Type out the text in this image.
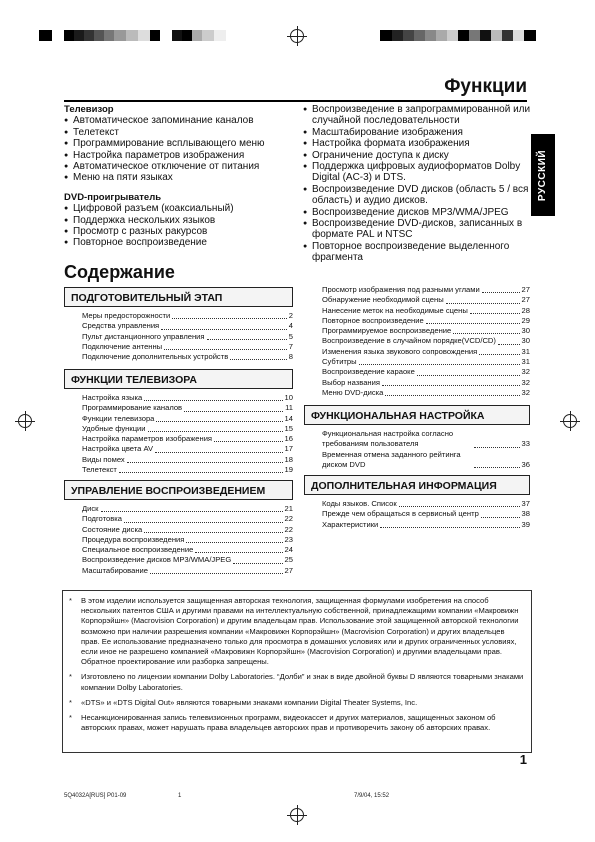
Функции
Телевизор
● Автоматическое запоминание каналов
● Телетекст
● Программирование всплывающего меню
● Настройка параметров изображения
● Автоматическое отключение от питания
● Меню на пяти языках
DVD-проигрыватель
● Цифровой разъем (коаксиальный)
● Поддержка нескольких языков
● Просмотр с разных ракурсов
● Повторное воспроизведение
● Воспроизведение в запрограммированной или случайной последовательности
● Масштабирование изображения
● Настройка формата изображения
● Ограничение доступа к диску
● Поддержка цифровых аудиоформатов Dolby Digital (AC-3) и DTS.
● Воспроизведение DVD дисков (область 5 / вся область) и аудио дисков.
● Воспроизведение дисков MP3/WMA/JPEG
● Воспроизведение DVD-дисков, записанных в формате PAL и NTSC
● Повторное воспроизведение выделенного фрагмента
РУССКИЙ
Содержание
ПОДГОТОВИТЕЛЬНЫЙ ЭТАП
Меры предосторожности	2
Средства управления	4
Пульт дистанционного управления	5
Подключение антенны	7
Подключение дополнительных устройств	8
ФУНКЦИИ ТЕЛЕВИЗОРА
Настройка языка	10
Программирование каналов	11
Функции телевизора	14
Удобные функции	15
Настройка параметров изображения	16
Настройка цвета AV	17
Виды помех	18
Телетекст	19
УПРАВЛЕНИЕ ВОСПРОИЗВЕДЕНИЕМ
Диск	21
Подготовка	22
Состояние диска	22
Процедура воспроизведения	23
Специальное воспроизведение	24
Воспроизведение дисков MP3/WMA/JPEG	25
Масштабирование	27
Просмотр изображения под разными углами	27
Обнаружение необходимой сцены	27
Нанесение меток на необходимые сцены	28
Повторное воспроизведение	29
Программируемое воспроизведение	30
Воспроизведение в случайном порядке(VCD/CD)	30
Изменения языка звукового сопровождения	31
Субтитры	31
Воспроизведение караоке	32
Выбор названия	32
Меню DVD-диска	32
ФУНКЦИОНАЛЬНАЯ НАСТРОЙКА
Функциональная настройка согласно требованиям пользователя	33
Временная отмена заданного рейтинга диском DVD	36
ДОПОЛНИТЕЛЬНАЯ ИНФОРМАЦИЯ
Коды языков. Список	37
Прежде чем обращаться в сервисный центр	38
Характеристики	39
*	В этом изделии используется защищенная авторская технология, защищенная формулами изобретения на способ нескольких патентов США и другими правами на интеллектуальную собственной, принадлежащими компании «Макровижн Корпорэйшн» (Macrovision Corporation) и другим владельцам прав. Использование этой защищенной авторской технологии возможно при наличии разрешения компании «Макровижн Корпорэйшн» (Macrovision Corporation) и других владельцев прав. Ее использование предназначено только для просмотра в домашних условиях или и других ограниченных условиях, если иное не разрешено компанией «Макровижн Корпорэйшн» (Macrovision Corporation) и другими владельцами прав. Обратное проектирование или разборка запрещены.
*	Изготовлено по лицензии компании Dolby Laboratories. “Долби” и знак в виде двойной буквы D являются товарными знаками компании Dolby Laboratories.
*	«DTS» и «DTS Digital Out» являются товарными знаками компании Digital Theater Systems, Inc.
*	Несанкционированная запись телевизионных программ, видеокассет и других материалов, защищенных законом об авторских правах, может нарушать права владельцев авторских прав и противоречить закону об авторских правах.
1
5Q4032A[RUS] P01-09	1	7/9/04, 15:52
